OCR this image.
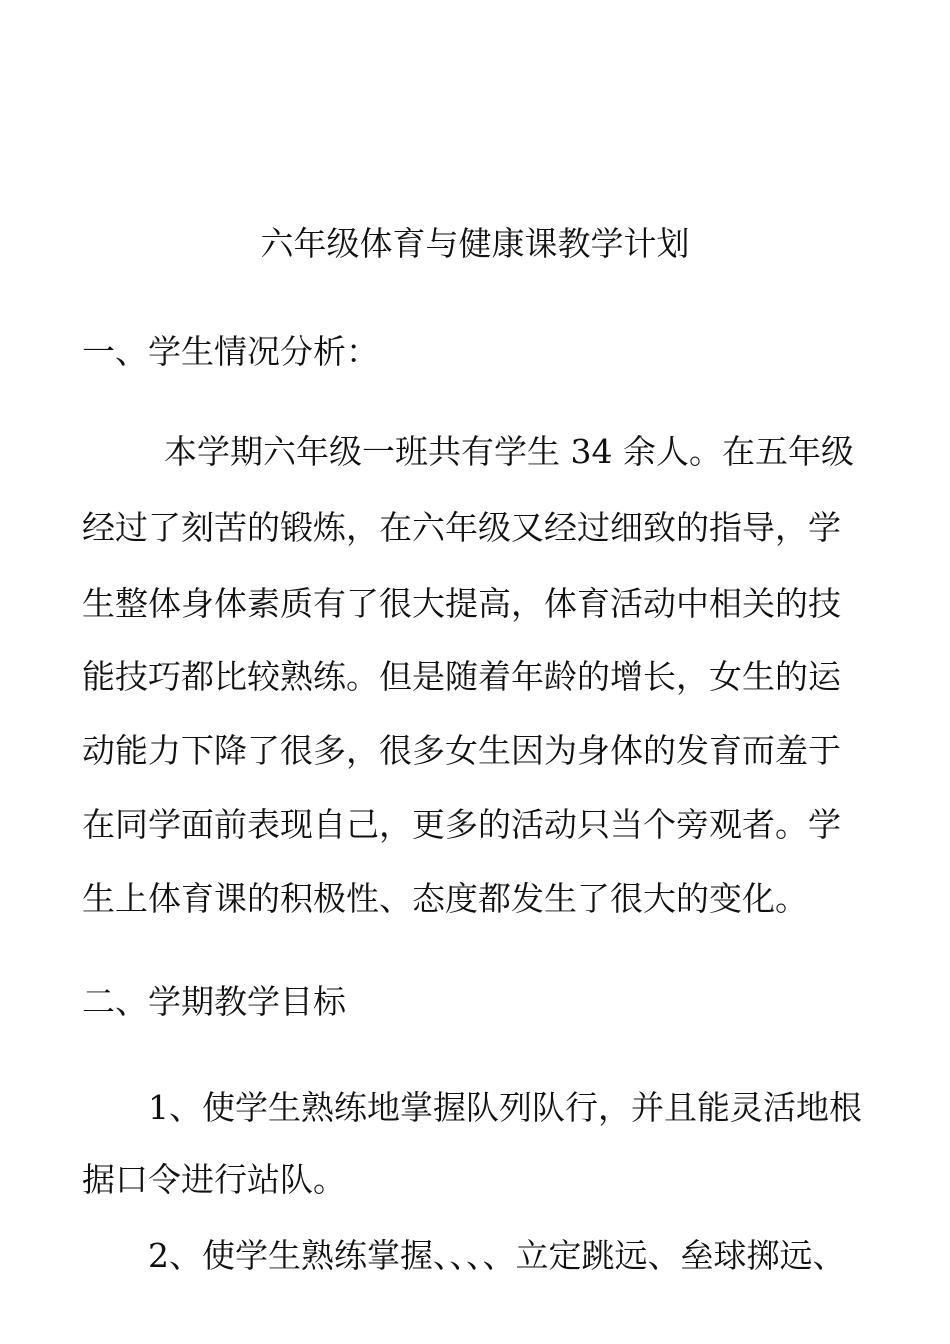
六年级体育与健康课教学计划
一、学生情况分析：

本学期六年级一班共有学生 34 余人。在五年级

经过了刻苦的锻炼，在六年级又经过细致的指导，学

生整体身体素质有了很大提高，体育活动中相关的技

能技巧都比较熟练。但是随着年龄的增长，女生的运

动能力下降了很多，很多女生因为身体的发育而羞于

在同学面前表现自己，更多的活动只当个旁观者。学

生上体育课的积极性、态度都发生了很大的变化。

二、学期教学目标

1、使学生熟练地掌握队列队行，并且能灵活地根

据口令进行站队。

2、使学生熟练掌握、、、、立定跳远、垒球掷远、
